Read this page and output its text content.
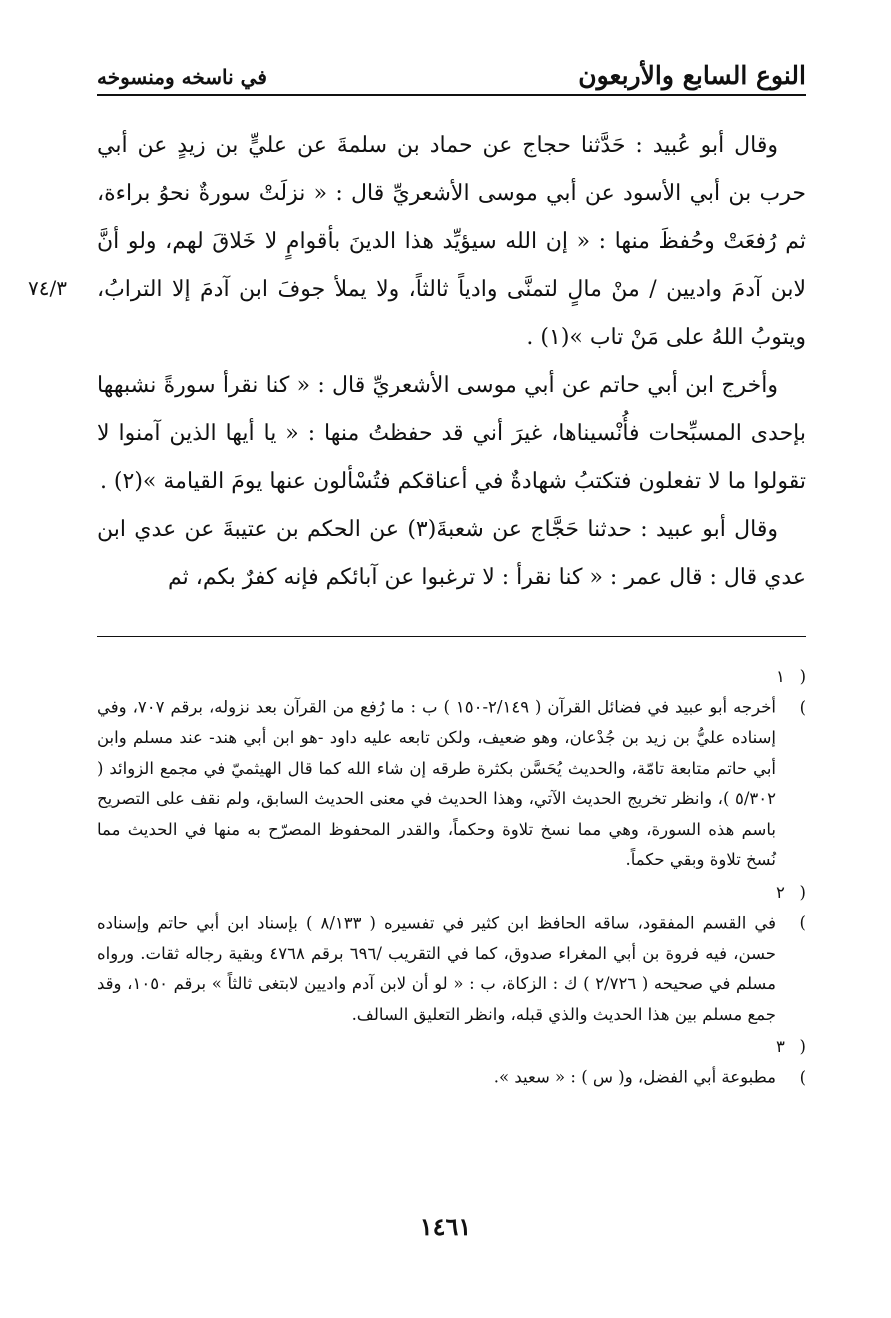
النوع السابع والأربعون
في ناسخه ومنسوخه
٧٤/٣

وقال أبو عُبيد : حَدَّثنا حجاج عن حماد بن سلمةَ عن عليٍّ بن زيدٍ عن أبي حرب بن أبي الأسود عن أبي موسى الأشعريِّ قال : « نزلَتْ سورةٌ نحوُ براءة، ثم رُفعَتْ وحُفظَ منها : « إن الله سيؤيِّد هذا الدينَ بأقوامٍ لا خَلاقَ لهم، ولو أنَّ لابن آدمَ واديين / منْ مالٍ لتمنَّى وادياً ثالثاً، ولا يملأ جوفَ ابن آدمَ إلا الترابُ، ويتوبُ اللهُ على مَنْ تاب »(١) .

وأخرج ابن أبي حاتم عن أبي موسى الأشعريِّ قال : « كنا نقرأ سورةً نشبهها بإحدى المسبِّحات فأُنْسيناها، غيرَ أني قد حفظتُ منها : « يا أيها الذين آمنوا لا تقولوا ما لا تفعلون فتكتبُ شهادةٌ في أعناقكم فتُسْألون عنها يومَ القيامة »(٢) .

وقال أبو عبيد : حدثنا حَجَّاج عن شعبةَ(٣) عن الحكم بن عتيبةَ عن عدي ابن عدي قال : قال عمر : « كنا نقرأ : لا ترغبوا عن آبائكم فإنه كفرٌ بكم، ثم

( ١ )أخرجه أبو عبيد في فضائل القرآن ( ٢/١٤٩-١٥٠ ) ب : ما رُفع من القرآن بعد نزوله، برقم ٧٠٧، وفي إسناده عليُّ بن زيد بن جُدْعان، وهو ضعيف، ولكن تابعه عليه داود -هو ابن أبي هند- عند مسلم وابن أبي حاتم متابعة تامّة، والحديث يُحَسَّن بكثرة طرقه إن شاء الله كما قال الهيثميّ في مجمع الزوائد ( ٥/٣٠٢ )، وانظر تخريج الحديث الآتي، وهذا الحديث في معنى الحديث السابق، ولم نقف على التصريح باسم هذه السورة، وهي مما نسخ تلاوة وحكماً، والقدر المحفوظ المصرّح به منها في الحديث مما نُسخ تلاوة وبقي حكماً.

( ٢ )في القسم المفقود، ساقه الحافظ ابن كثير في تفسيره ( ٨/١٣٣ ) بإسناد ابن أبي حاتم وإسناده حسن، فيه فروة بن أبي المغراء صدوق، كما في التقريب /٦٩٦ برقم ٤٧٦٨ وبقية رجاله ثقات. ورواه مسلم في صحيحه ( ٢/٧٢٦ ) ك : الزكاة، ب : « لو أن لابن آدم واديين لابتغى ثالثاً » برقم ١٠٥٠، وقد جمع مسلم بين هذا الحديث والذي قبله، وانظر التعليق السالف.

( ٣ )مطبوعة أبي الفضل، و( س ) : « سعيد ».

١٤٦١
